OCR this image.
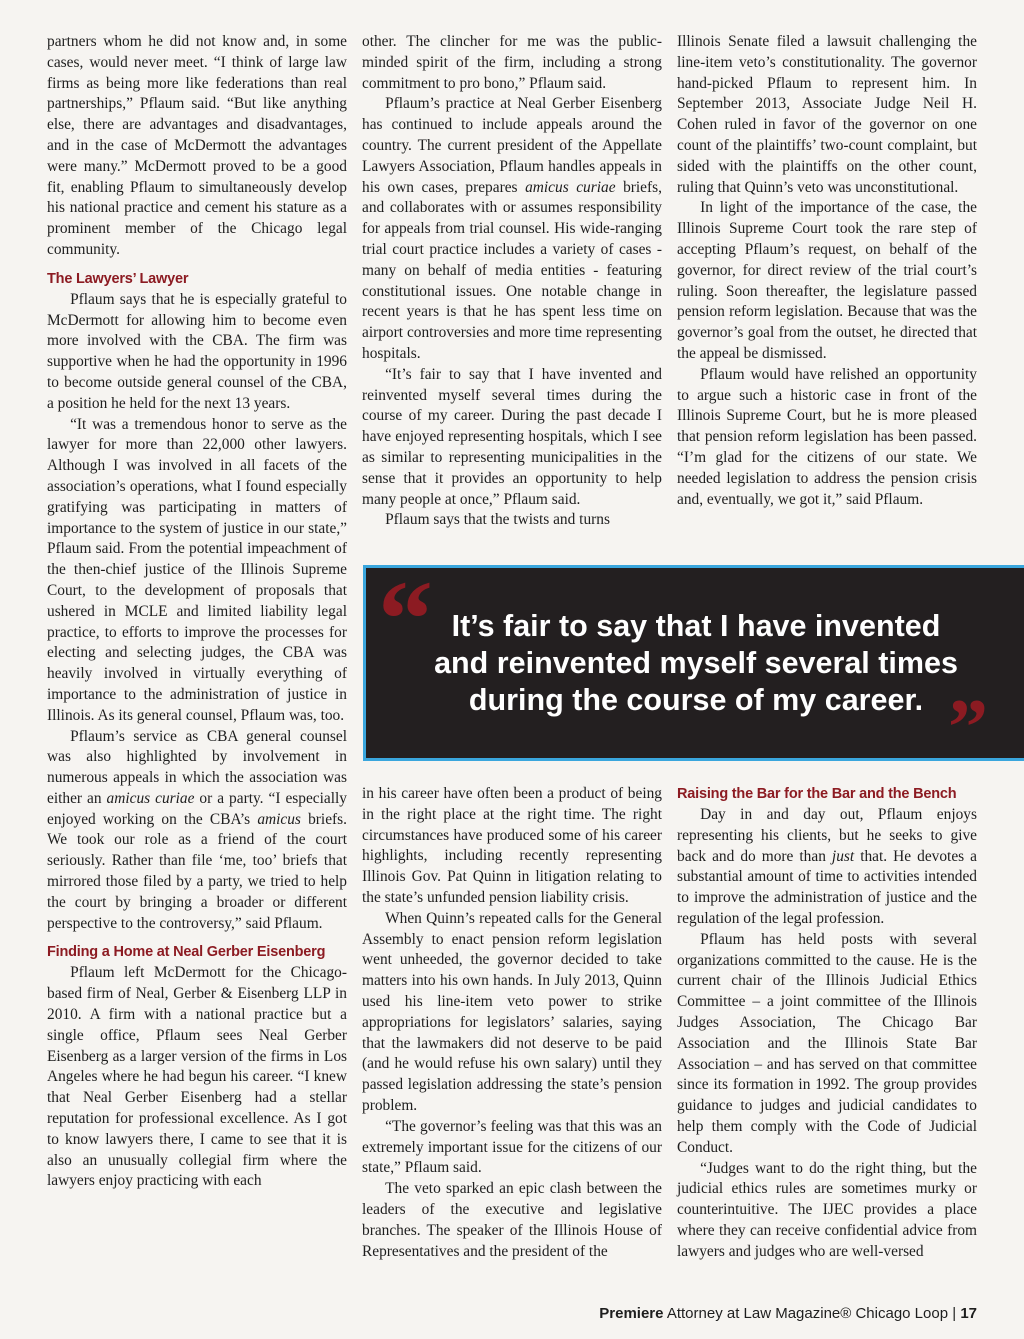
partners whom he did not know and, in some cases, would never meet. “I think of large law firms as being more like federations than real partnerships,” Pflaum said. “But like anything else, there are advantages and disadvantages, and in the case of McDermott the advantages were many.” McDermott proved to be a good fit, enabling Pflaum to simultaneously develop his national practice and cement his stature as a prominent member of the Chicago legal community.

The Lawyers’ Lawyer

Pflaum says that he is especially grateful to McDermott for allowing him to become even more involved with the CBA. The firm was supportive when he had the opportunity in 1996 to become outside general counsel of the CBA, a position he held for the next 13 years.

“It was a tremendous honor to serve as the lawyer for more than 22,000 other lawyers. Although I was involved in all facets of the association’s operations, what I found especially gratifying was participating in matters of importance to the system of justice in our state,” Pflaum said. From the potential impeachment of the then-chief justice of the Illinois Supreme Court, to the development of proposals that ushered in MCLE and limited liability legal practice, to efforts to improve the processes for electing and selecting judges, the CBA was heavily involved in virtually everything of importance to the administration of justice in Illinois. As its general counsel, Pflaum was, too.

Pflaum’s service as CBA general counsel was also highlighted by involvement in numerous appeals in which the association was either an amicus curiae or a party. “I especially enjoyed working on the CBA’s amicus briefs. We took our role as a friend of the court seriously. Rather than file ‘me, too’ briefs that mirrored those filed by a party, we tried to help the court by bringing a broader or different perspective to the controversy,” said Pflaum.

Finding a Home at Neal Gerber Eisenberg

Pflaum left McDermott for the Chicago-based firm of Neal, Gerber & Eisenberg LLP in 2010. A firm with a national practice but a single office, Pflaum sees Neal Gerber Eisenberg as a larger version of the firms in Los Angeles where he had begun his career. “I knew that Neal Gerber Eisenberg had a stellar reputation for professional excellence. As I got to know lawyers there, I came to see that it is also an unusually collegial firm where the lawyers enjoy practicing with each

other. The clincher for me was the public-minded spirit of the firm, including a strong commitment to pro bono,” Pflaum said.

Pflaum’s practice at Neal Gerber Eisenberg has continued to include appeals around the country. The current president of the Appellate Lawyers Association, Pflaum handles appeals in his own cases, prepares amicus curiae briefs, and collaborates with or assumes responsibility for appeals from trial counsel. His wide-ranging trial court practice includes a variety of cases - many on behalf of media entities - featuring constitutional issues. One notable change in recent years is that he has spent less time on airport controversies and more time representing hospitals.

“It’s fair to say that I have invented and reinvented myself several times during the course of my career. During the past decade I have enjoyed representing hospitals, which I see as similar to representing municipalities in the sense that it provides an opportunity to help many people at once,” Pflaum said.

Pflaum says that the twists and turns

Illinois Senate filed a lawsuit challenging the line-item veto’s constitutionality. The governor hand-picked Pflaum to represent him. In September 2013, Associate Judge Neil H. Cohen ruled in favor of the governor on one count of the plaintiffs’ two-count complaint, but sided with the plaintiffs on the other count, ruling that Quinn’s veto was unconstitutional.

In light of the importance of the case, the Illinois Supreme Court took the rare step of accepting Pflaum’s request, on behalf of the governor, for direct review of the trial court’s ruling. Soon thereafter, the legislature passed pension reform legislation. Because that was the governor’s goal from the outset, he directed that the appeal be dismissed.

Pflaum would have relished an opportunity to argue such a historic case in front of the Illinois Supreme Court, but he is more pleased that pension reform legislation has been passed. “I’m glad for the citizens of our state. We needed legislation to address the pension crisis and, eventually, we got it,” said Pflaum.

“ It’s fair to say that I have invented and reinvented myself several times during the course of my career. ”

in his career have often been a product of being in the right place at the right time. The right circumstances have produced some of his career highlights, including recently representing Illinois Gov. Pat Quinn in litigation relating to the state’s unfunded pension liability crisis.

When Quinn’s repeated calls for the General Assembly to enact pension reform legislation went unheeded, the governor decided to take matters into his own hands. In July 2013, Quinn used his line-item veto power to strike appropriations for legislators’ salaries, saying that the lawmakers did not deserve to be paid (and he would refuse his own salary) until they passed legislation addressing the state’s pension problem.

“The governor’s feeling was that this was an extremely important issue for the citizens of our state,” Pflaum said.

The veto sparked an epic clash between the leaders of the executive and legislative branches. The speaker of the Illinois House of Representatives and the president of the

Raising the Bar for the Bar and the Bench

Day in and day out, Pflaum enjoys representing his clients, but he seeks to give back and do more than just that. He devotes a substantial amount of time to activities intended to improve the administration of justice and the regulation of the legal profession.

Pflaum has held posts with several organizations committed to the cause. He is the current chair of the Illinois Judicial Ethics Committee – a joint committee of the Illinois Judges Association, The Chicago Bar Association and the Illinois State Bar Association – and has served on that committee since its formation in 1992. The group provides guidance to judges and judicial candidates to help them comply with the Code of Judicial Conduct.

“Judges want to do the right thing, but the judicial ethics rules are sometimes murky or counterintuitive. The IJEC provides a place where they can receive confidential advice from lawyers and judges who are well-versed

Premiere Attorney at Law Magazine® Chicago Loop | 17
